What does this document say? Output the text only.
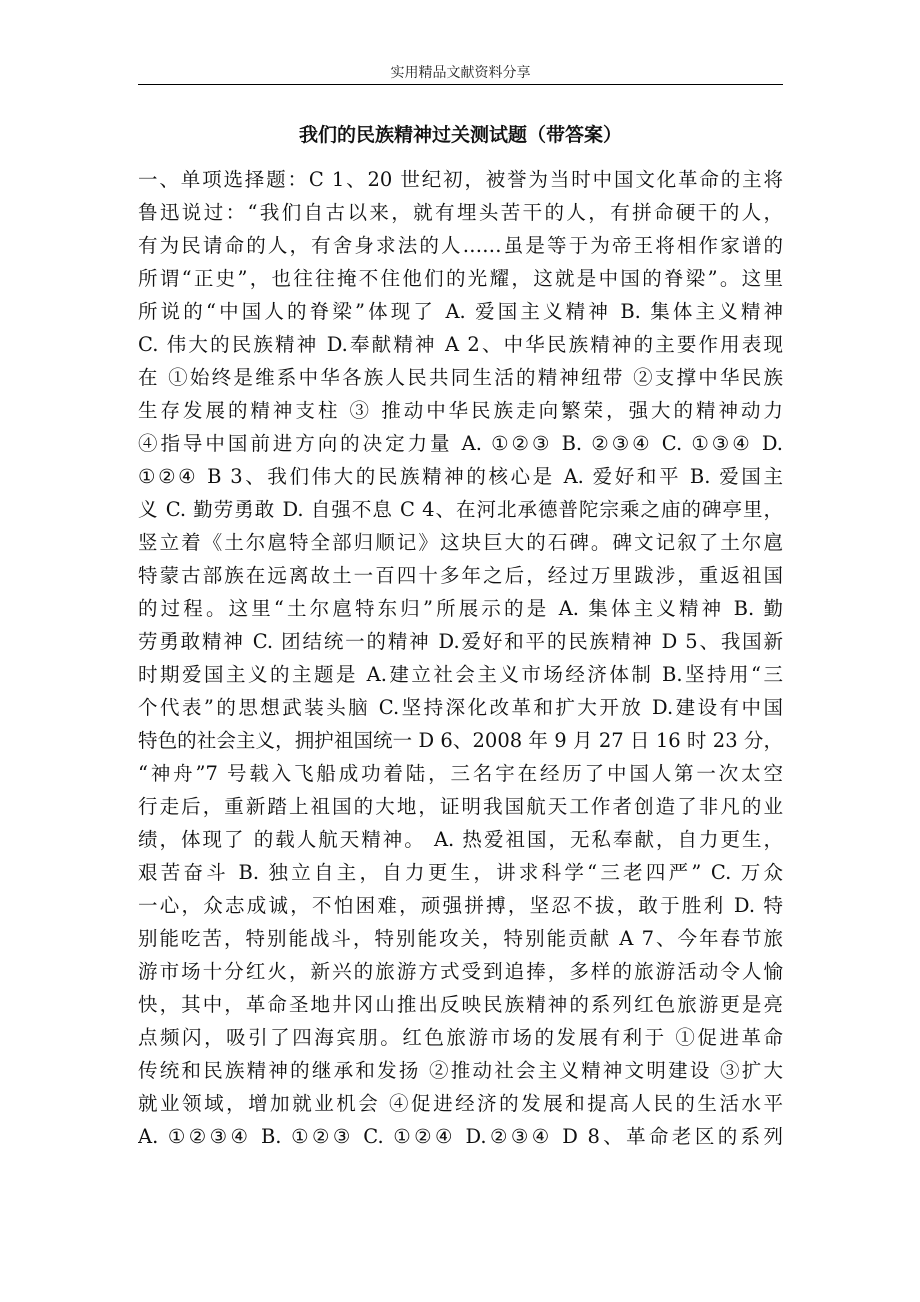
实用精品文献资料分享
我们的民族精神过关测试题（带答案）
一、单项选择题：C 1、20 世纪初，被誉为当时中国文化革命的主将
鲁迅说过：“我们自古以来，就有埋头苦干的人，有拼命硬干的人，
有为民请命的人，有舍身求法的人……虽是等于为帝王将相作家谱的
所谓“正史”，也往往掩不住他们的光耀，这就是中国的脊梁”。这里
所说的“中国人的脊梁”体现了 A. 爱国主义精神 B. 集体主义精神
C. 伟大的民族精神 D.奉献精神 A 2、中华民族精神的主要作用表现
在 ①始终是维系中华各族人民共同生活的精神纽带 ②支撑中华民族
生存发展的精神支柱 ③ 推动中华民族走向繁荣，强大的精神动力
④指导中国前进方向的决定力量 A. ①②③ B. ②③④ C. ①③④ D.
①②④ B 3、我们伟大的民族精神的核心是 A. 爱好和平 B. 爱国主
义 C. 勤劳勇敢 D. 自强不息 C 4、在河北承德普陀宗乘之庙的碑亭里，
竖立着《土尔扈特全部归顺记》这块巨大的石碑。碑文记叙了土尔扈
特蒙古部族在远离故土一百四十多年之后，经过万里跋涉，重返祖国
的过程。这里“土尔扈特东归”所展示的是 A. 集体主义精神 B. 勤
劳勇敢精神 C. 团结统一的精神 D.爱好和平的民族精神 D 5、我国新
时期爱国主义的主题是 A.建立社会主义市场经济体制 B.坚持用“三
个代表”的思想武装头脑 C.坚持深化改革和扩大开放 D.建设有中国
特色的社会主义，拥护祖国统一 D 6、2008 年 9 月 27 日 16 时 23 分，
“神舟”7 号载入飞船成功着陆，三名宇在经历了中国人第一次太空
行走后，重新踏上祖国的大地，证明我国航天工作者创造了非凡的业
绩，体现了 的载人航天精神。 A. 热爱祖国，无私奉献，自力更生，
艰苦奋斗 B. 独立自主，自力更生，讲求科学“三老四严” C. 万众
一心，众志成诚，不怕困难，顽强拼搏，坚忍不拔，敢于胜利 D. 特
别能吃苦，特别能战斗，特别能攻关，特别能贡献 A 7、今年春节旅
游市场十分红火，新兴的旅游方式受到追捧，多样的旅游活动令人愉
快，其中，革命圣地井冈山推出反映民族精神的系列红色旅游更是亮
点频闪，吸引了四海宾朋。红色旅游市场的发展有利于 ①促进革命
传统和民族精神的继承和发扬 ②推动社会主义精神文明建设 ③扩大
就业领域，增加就业机会 ④促进经济的发展和提高人民的生活水平
A. ①②③④ B. ①②③ C. ①②④ D.②③④ D 8、革命老区的系列
